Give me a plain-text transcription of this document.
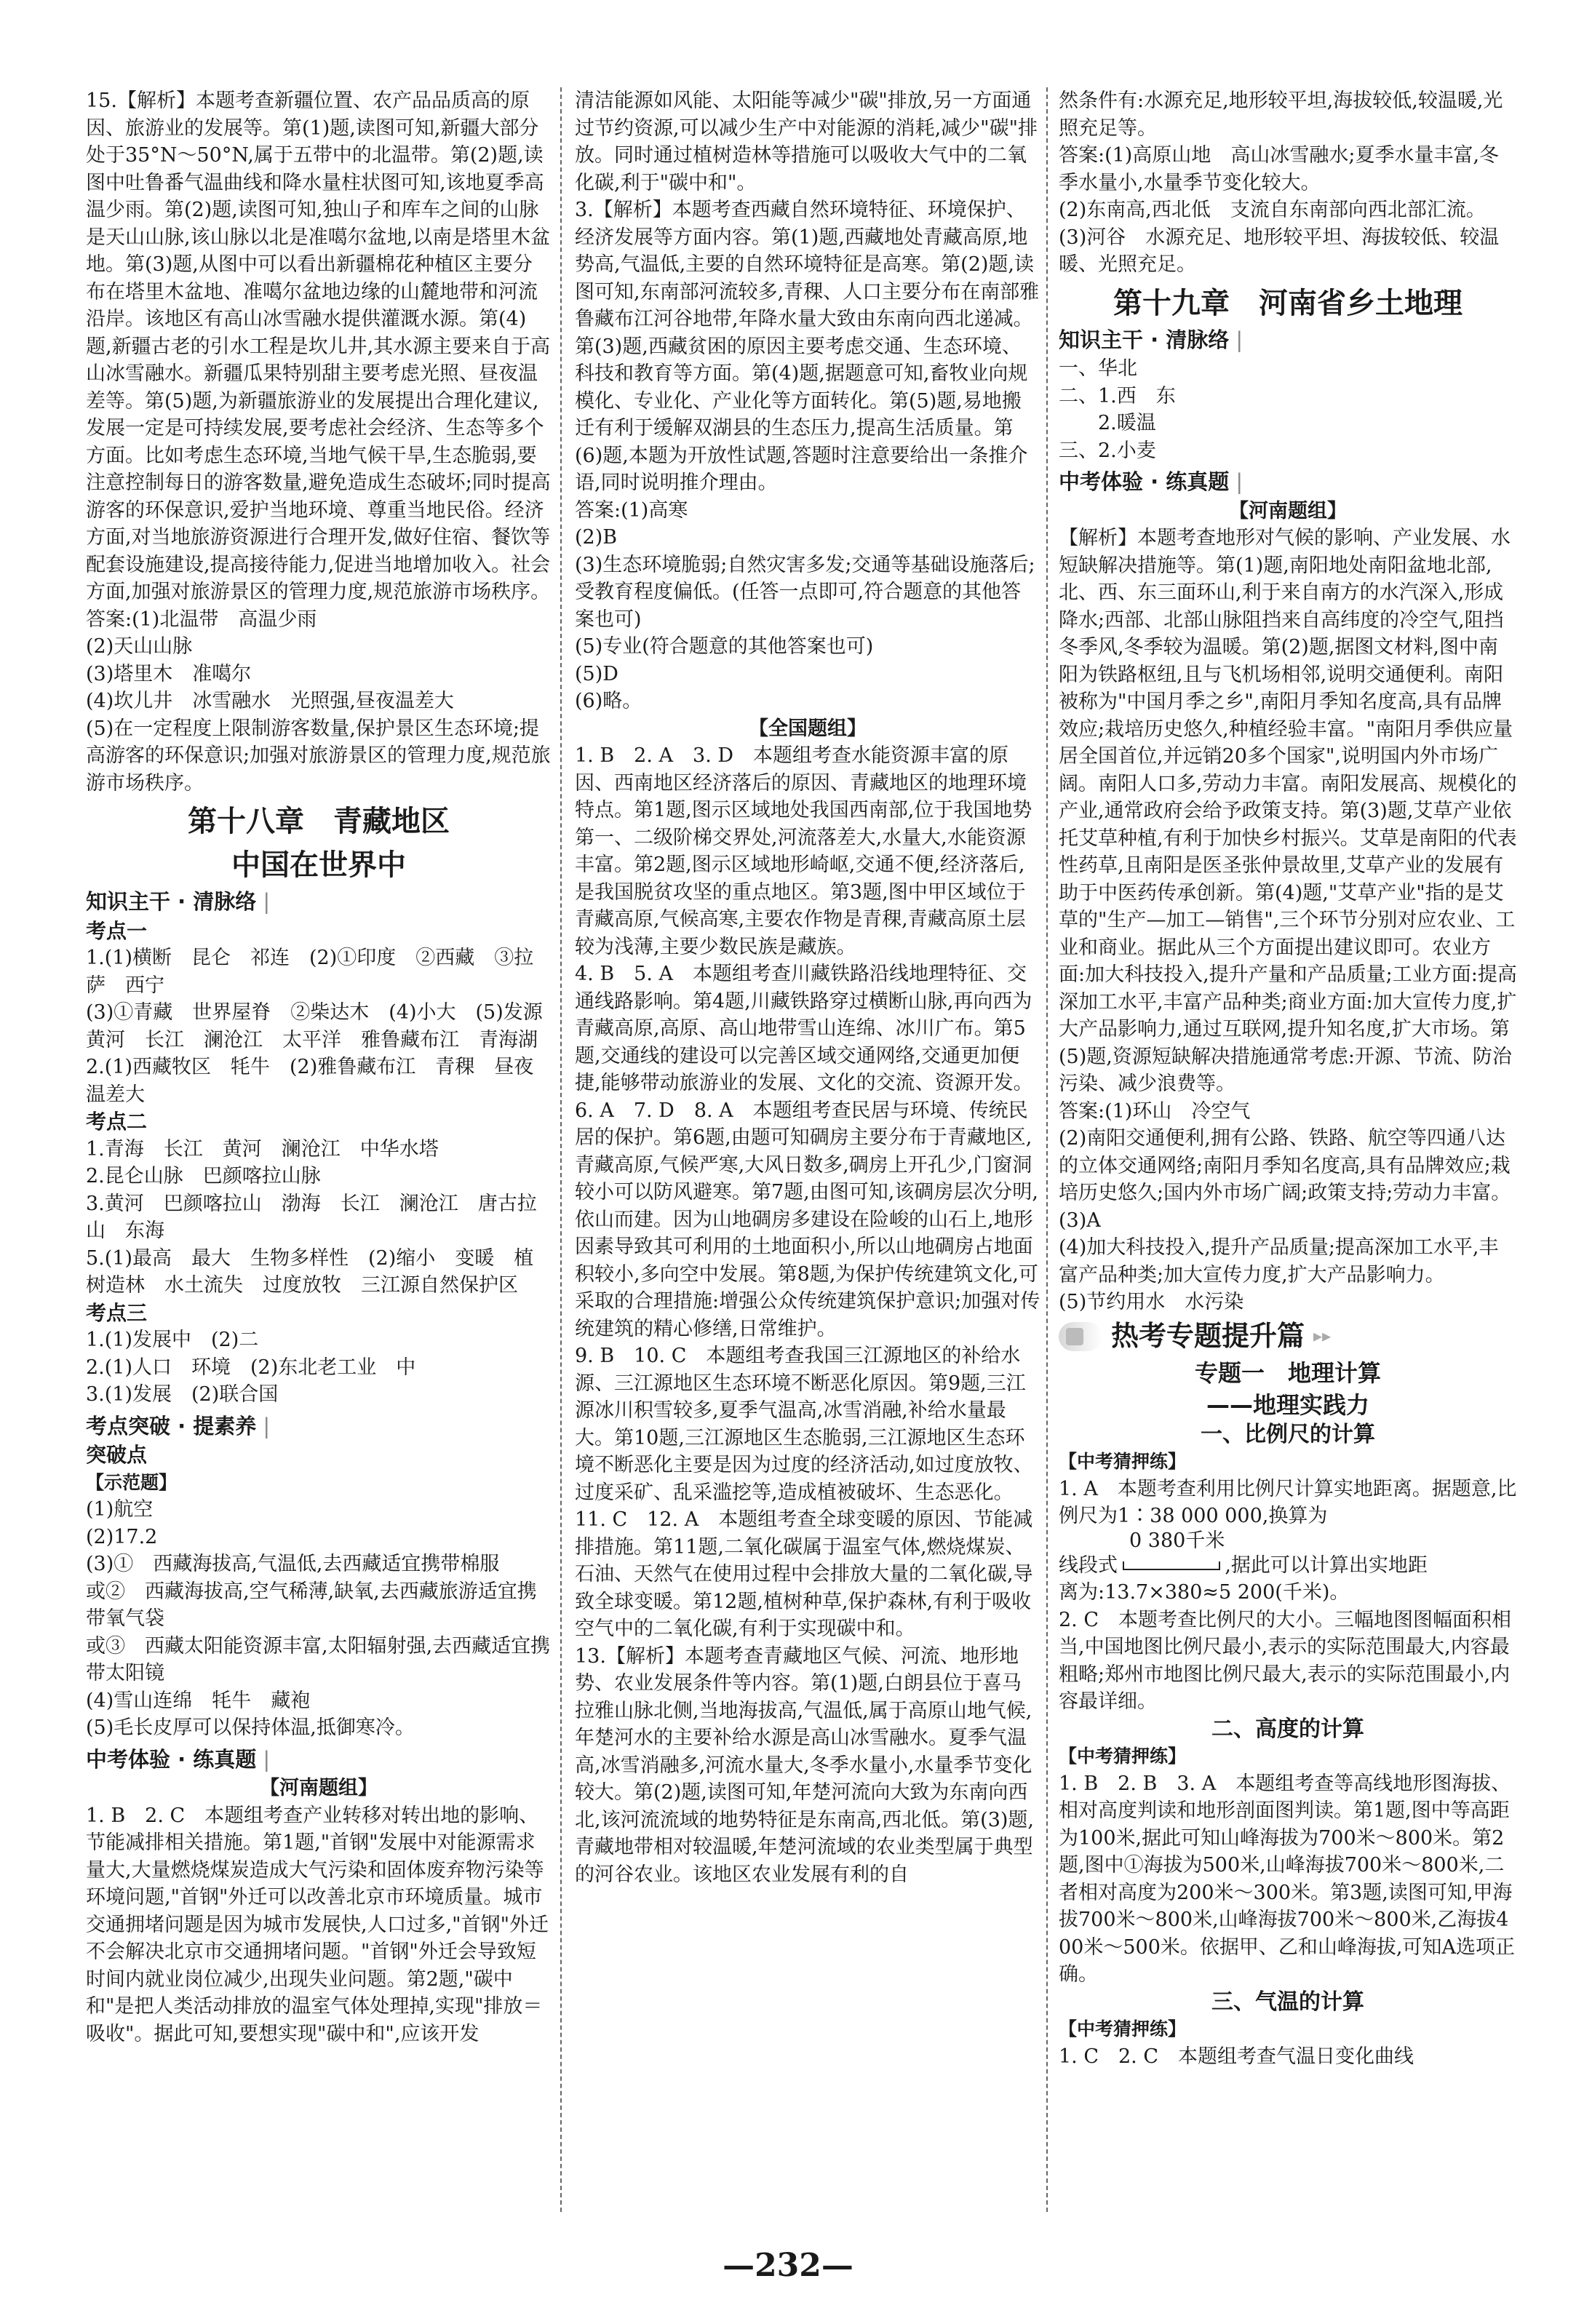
15.【解析】本题考查新疆位置、农产品品质高的原因、旅游业的发展等。第(1)题,读图可知,新疆大部分处于35°N～50°N,属于五带中的北温带。第(2)题,读图中吐鲁番气温曲线和降水量柱状图可知,该地夏季高温少雨。第(2)题,读图可知,独山子和库车之间的山脉是天山山脉,该山脉以北是准噶尔盆地,以南是塔里木盆地。第(3)题,从图中可以看出新疆棉花种植区主要分布在塔里木盆地、准噶尔盆地边缘的山麓地带和河流沿岸。该地区有高山冰雪融水提供灌溉水源。第(4)题,新疆古老的引水工程是坎儿井,其水源主要来自于高山冰雪融水。新疆瓜果特别甜主要考虑光照、昼夜温差等。第(5)题,为新疆旅游业的发展提出合理化建议,发展一定是可持续发展,要考虑社会经济、生态等多个方面。比如考虑生态环境,当地气候干旱,生态脆弱,要注意控制每日的游客数量,避免造成生态破坏;同时提高游客的环保意识,爱护当地环境、尊重当地民俗。经济方面,对当地旅游资源进行合理开发,做好住宿、餐饮等配套设施建设,提高接待能力,促进当地增加收入。社会方面,加强对旅游景区的管理力度,规范旅游市场秩序。

答案:(1)北温带　高温少雨

(2)天山山脉

(3)塔里木　准噶尔

(4)坎儿井　冰雪融水　光照强,昼夜温差大

(5)在一定程度上限制游客数量,保护景区生态环境;提高游客的环保意识;加强对旅游景区的管理力度,规范旅游市场秩序。

第十八章　青藏地区
中国在世界中
知识主干 · 清脉络 |
考点一

1.(1)横断　昆仑　祁连　(2)①印度　②西藏　③拉萨　西宁

(3)①青藏　世界屋脊　②柴达木　(4)小大　(5)发源　黄河　长江　澜沧江　太平洋　雅鲁藏布江　青海湖

2.(1)西藏牧区　牦牛　(2)雅鲁藏布江　青稞　昼夜温差大

考点二

1.青海　长江　黄河　澜沧江　中华水塔

2.昆仑山脉　巴颜喀拉山脉

3.黄河　巴颜喀拉山　渤海　长江　澜沧江　唐古拉山　东海

5.(1)最高　最大　生物多样性　(2)缩小　变暖　植树造林　水土流失　过度放牧　三江源自然保护区

考点三

1.(1)发展中　(2)二

2.(1)人口　环境　(2)东北老工业　中

3.(1)发展　(2)联合国

考点突破 · 提素养 |
突破点
【示范题】

(1)航空

(2)17.2

(3)①　西藏海拔高,气温低,去西藏适宜携带棉服

或②　西藏海拔高,空气稀薄,缺氧,去西藏旅游适宜携带氧气袋

或③　西藏太阳能资源丰富,太阳辐射强,去西藏适宜携带太阳镜

(4)雪山连绵　牦牛　藏袍

(5)毛长皮厚可以保持体温,抵御寒冷。

中考体验 · 练真题 |
【河南题组】

1. B　2. C　本题组考查产业转移对转出地的影响、节能减排相关措施。第1题,"首钢"发展中对能源需求量大,大量燃烧煤炭造成大气污染和固体废弃物污染等环境问题,"首钢"外迁可以改善北京市环境质量。城市交通拥堵问题是因为城市发展快,人口过多,"首钢"外迁不会解决北京市交通拥堵问题。"首钢"外迁会导致短时间内就业岗位减少,出现失业问题。第2题,"碳中和"是把人类活动排放的温室气体处理掉,实现"排放＝吸收"。据此可知,要想实现"碳中和",应该开发

清洁能源如风能、太阳能等减少"碳"排放,另一方面通过节约资源,可以减少生产中对能源的消耗,减少"碳"排放。同时通过植树造林等措施可以吸收大气中的二氧化碳,利于"碳中和"。

3.【解析】本题考查西藏自然环境特征、环境保护、经济发展等方面内容。第(1)题,西藏地处青藏高原,地势高,气温低,主要的自然环境特征是高寒。第(2)题,读图可知,东南部河流较多,青稞、人口主要分布在南部雅鲁藏布江河谷地带,年降水量大致由东南向西北递减。第(3)题,西藏贫困的原因主要考虑交通、生态环境、科技和教育等方面。第(4)题,据题意可知,畜牧业向规模化、专业化、产业化等方面转化。第(5)题,易地搬迁有利于缓解双湖县的生态压力,提高生活质量。第(6)题,本题为开放性试题,答题时注意要给出一条推介语,同时说明推介理由。

答案:(1)高寒

(2)B

(3)生态环境脆弱;自然灾害多发;交通等基础设施落后;受教育程度偏低。(任答一点即可,符合题意的其他答案也可)

(5)专业(符合题意的其他答案也可)

(5)D

(6)略。

【全国题组】

1. B　2. A　3. D　本题组考查水能资源丰富的原因、西南地区经济落后的原因、青藏地区的地理环境特点。第1题,图示区域地处我国西南部,位于我国地势第一、二级阶梯交界处,河流落差大,水量大,水能资源丰富。第2题,图示区域地形崎岖,交通不便,经济落后,是我国脱贫攻坚的重点地区。第3题,图中甲区域位于青藏高原,气候高寒,主要农作物是青稞,青藏高原土层较为浅薄,主要少数民族是藏族。

4. B　5. A　本题组考查川藏铁路沿线地理特征、交通线路影响。第4题,川藏铁路穿过横断山脉,再向西为青藏高原,高原、高山地带雪山连绵、冰川广布。第5题,交通线的建设可以完善区域交通网络,交通更加便捷,能够带动旅游业的发展、文化的交流、资源开发。

6. A　7. D　8. A　本题组考查民居与环境、传统民居的保护。第6题,由题可知碉房主要分布于青藏地区,青藏高原,气候严寒,大风日数多,碉房上开孔少,门窗洞较小可以防风避寒。第7题,由图可知,该碉房层次分明,依山而建。因为山地碉房多建设在险峻的山石上,地形因素导致其可利用的土地面积小,所以山地碉房占地面积较小,多向空中发展。第8题,为保护传统建筑文化,可采取的合理措施:增强公众传统建筑保护意识;加强对传统建筑的精心修缮,日常维护。

9. B　10. C　本题组考查我国三江源地区的补给水源、三江源地区生态环境不断恶化原因。第9题,三江源冰川积雪较多,夏季气温高,冰雪消融,补给水量最大。第10题,三江源地区生态脆弱,三江源地区生态环境不断恶化主要是因为过度的经济活动,如过度放牧、过度采矿、乱采滥挖等,造成植被破坏、生态恶化。

11. C　12. A　本题组考查全球变暖的原因、节能减排措施。第11题,二氧化碳属于温室气体,燃烧煤炭、石油、天然气在使用过程中会排放大量的二氧化碳,导致全球变暖。第12题,植树种草,保护森林,有利于吸收空气中的二氧化碳,有利于实现碳中和。

13.【解析】本题考查青藏地区气候、河流、地形地势、农业发展条件等内容。第(1)题,白朗县位于喜马拉雅山脉北侧,当地海拔高,气温低,属于高原山地气候,年楚河水的主要补给水源是高山冰雪融水。夏季气温高,冰雪消融多,河流水量大,冬季水量小,水量季节变化较大。第(2)题,读图可知,年楚河流向大致为东南向西北,该河流流域的地势特征是东南高,西北低。第(3)题,青藏地带相对较温暖,年楚河流域的农业类型属于典型的河谷农业。该地区农业发展有利的自

然条件有:水源充足,地形较平坦,海拔较低,较温暖,光照充足等。

答案:(1)高原山地　高山冰雪融水;夏季水量丰富,冬季水量小,水量季节变化较大。

(2)东南高,西北低　支流自东南部向西北部汇流。

(3)河谷　水源充足、地形较平坦、海拔较低、较温暖、光照充足。

第十九章　河南省乡土地理
知识主干 · 清脉络 |

一、华北

二、1.西　东

　　2.暖温

三、2.小麦

中考体验 · 练真题 |
【河南题组】

【解析】本题考查地形对气候的影响、产业发展、水短缺解决措施等。第(1)题,南阳地处南阳盆地北部,北、西、东三面环山,利于来自南方的水汽深入,形成降水;西部、北部山脉阻挡来自高纬度的冷空气,阻挡冬季风,冬季较为温暖。第(2)题,据图文材料,图中南阳为铁路枢纽,且与飞机场相邻,说明交通便利。南阳被称为"中国月季之乡",南阳月季知名度高,具有品牌效应;栽培历史悠久,种植经验丰富。"南阳月季供应量居全国首位,并远销20多个国家",说明国内外市场广阔。南阳人口多,劳动力丰富。南阳发展高、规模化的产业,通常政府会给予政策支持。第(3)题,艾草产业依托艾草种植,有利于加快乡村振兴。艾草是南阳的代表性药草,且南阳是医圣张仲景故里,艾草产业的发展有助于中医药传承创新。第(4)题,"艾草产业"指的是艾草的"生产—加工—销售",三个环节分别对应农业、工业和商业。据此从三个方面提出建议即可。农业方面:加大科技投入,提升产量和产品质量;工业方面:提高深加工水平,丰富产品种类;商业方面:加大宣传力度,扩大产品影响力,通过互联网,提升知名度,扩大市场。第(5)题,资源短缺解决措施通常考虑:开源、节流、防治污染、减少浪费等。

答案:(1)环山　冷空气

(2)南阳交通便利,拥有公路、铁路、航空等四通八达的立体交通网络;南阳月季知名度高,具有品牌效应;栽培历史悠久;国内外市场广阔;政策支持;劳动力丰富。

(3)A

(4)加大科技投入,提升产品质量;提高深加工水平,丰富产品种类;加大宣传力度,扩大产品影响力。

(5)节约用水　水污染

热考专题提升篇 ▸▸
专题一　地理计算
——地理实践力
一、比例尺的计算
【中考猜押练】

1. A　本题考查利用比例尺计算实地距离。据题意,比例尺为1∶38 000 000,换算为

线段式
0 380千米
,据此可以计算出实地距

离为:13.7×380≈5 200(千米)。

2. C　本题考查比例尺的大小。三幅地图图幅面积相当,中国地图比例尺最小,表示的实际范围最大,内容最粗略;郑州市地图比例尺最大,表示的实际范围最小,内容最详细。

二、高度的计算
【中考猜押练】

1. B　2. B　3. A　本题组考查等高线地形图海拔、相对高度判读和地形剖面图判读。第1题,图中等高距为100米,据此可知山峰海拔为700米～800米。第2题,图中①海拔为500米,山峰海拔700米～800米,二者相对高度为200米～300米。第3题,读图可知,甲海拔700米～800米,山峰海拔700米～800米,乙海拔400米～500米。依据甲、乙和山峰海拔,可知A选项正确。

三、气温的计算
【中考猜押练】

1. C　2. C　本题组考查气温日变化曲线

—232—
